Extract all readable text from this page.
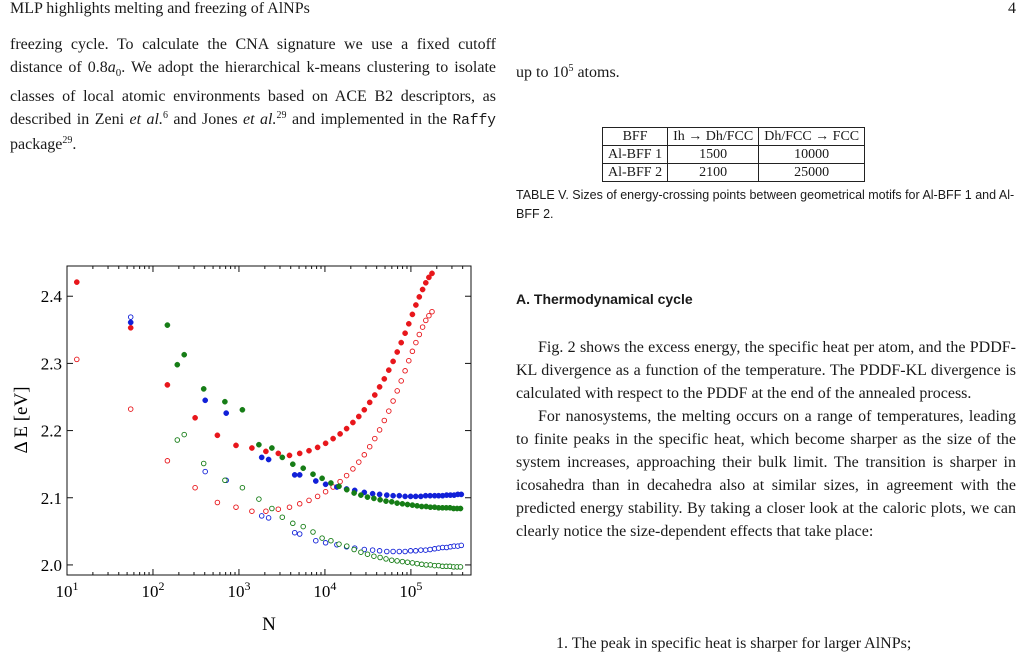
MLP highlights melting and freezing of AlNPs	4
freezing cycle. To calculate the CNA signature we use a fixed cutoff distance of $0.8a_0$. We adopt the hierarchical k-means clustering to isolate classes of local atomic environments based on ACE B2 descriptors, as described in Zeni et al.$^6$ and Jones et al.$^{29}$ and implemented in the Raffy package$^{29}$.
2.0
2.1
2.2
2.3
2.4
$10^1$	$10^2$	$10^3$	$10^4$	$10^5$
N
Δ E [eV]
up to $10^5$ atoms.
BFF	Ih → Dh/FCC	Dh/FCC → FCC
Al-BFF 1	1500	10000
Al-BFF 2	2100	25000
TABLE V. Sizes of energy-crossing points between geometrical motifs for Al-BFF 1 and Al-BFF 2.
A. Thermodynamical cycle

Fig. 2 shows the excess energy, the specific heat per atom, and the PDDF-KL divergence as a function of the temperature. The PDDF-KL divergence is calculated with respect to the PDDF at the end of the annealed process.

For nanosystems, the melting occurs on a range of temperatures, leading to finite peaks in the specific heat, which become sharper as the size of the system increases, approaching their bulk limit. The transition is sharper in icosahedra than in decahedra also at similar sizes, in agreement with the predicted energy stability. By taking a closer look at the caloric plots, we can clearly notice the size-dependent effects that take place:

1. The peak in specific heat is sharper for larger AlNPs;
